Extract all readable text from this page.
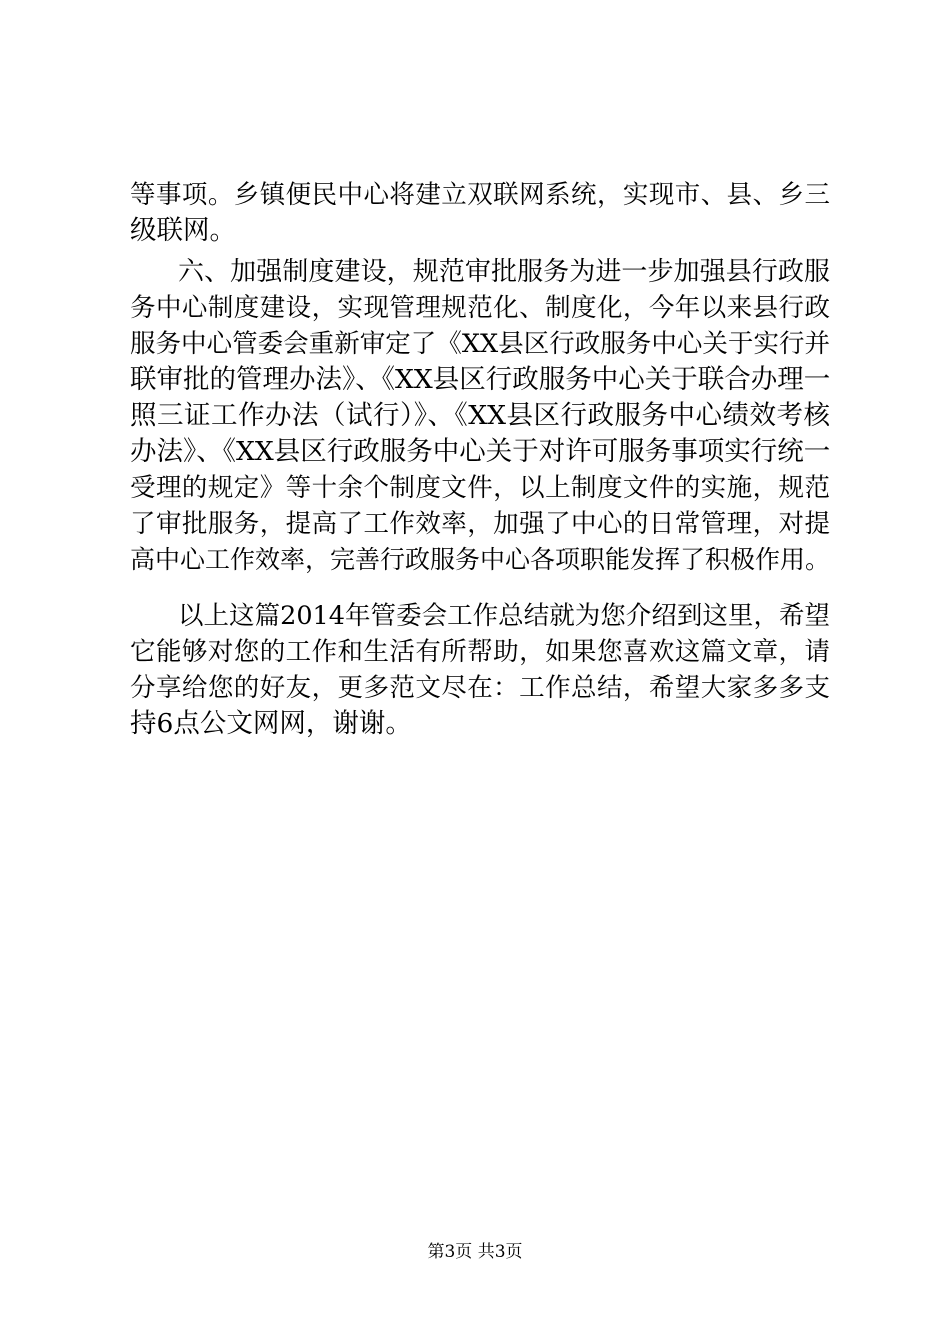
等事项。乡镇便民中心将建立双联网系统，实现市、县、乡三
级联网。
六、加强制度建设，规范审批服务为进一步加强县行政服
务中心制度建设，实现管理规范化、制度化，今年以来县行政
服务中心管委会重新审定了《XX县区行政服务中心关于实行并
联审批的管理办法》、《XX县区行政服务中心关于联合办理一
照三证工作办法（试行）》、《XX县区行政服务中心绩效考核
办法》、《XX县区行政服务中心关于对许可服务事项实行统一
受理的规定》等十余个制度文件，以上制度文件的实施，规范
了审批服务，提高了工作效率，加强了中心的日常管理，对提
高中心工作效率，完善行政服务中心各项职能发挥了积极作用。
以上这篇2014年管委会工作总结就为您介绍到这里，希望
它能够对您的工作和生活有所帮助，如果您喜欢这篇文章，请
分享给您的好友，更多范文尽在：工作总结，希望大家多多支
持6点公文网网，谢谢。
第3页 共3页
